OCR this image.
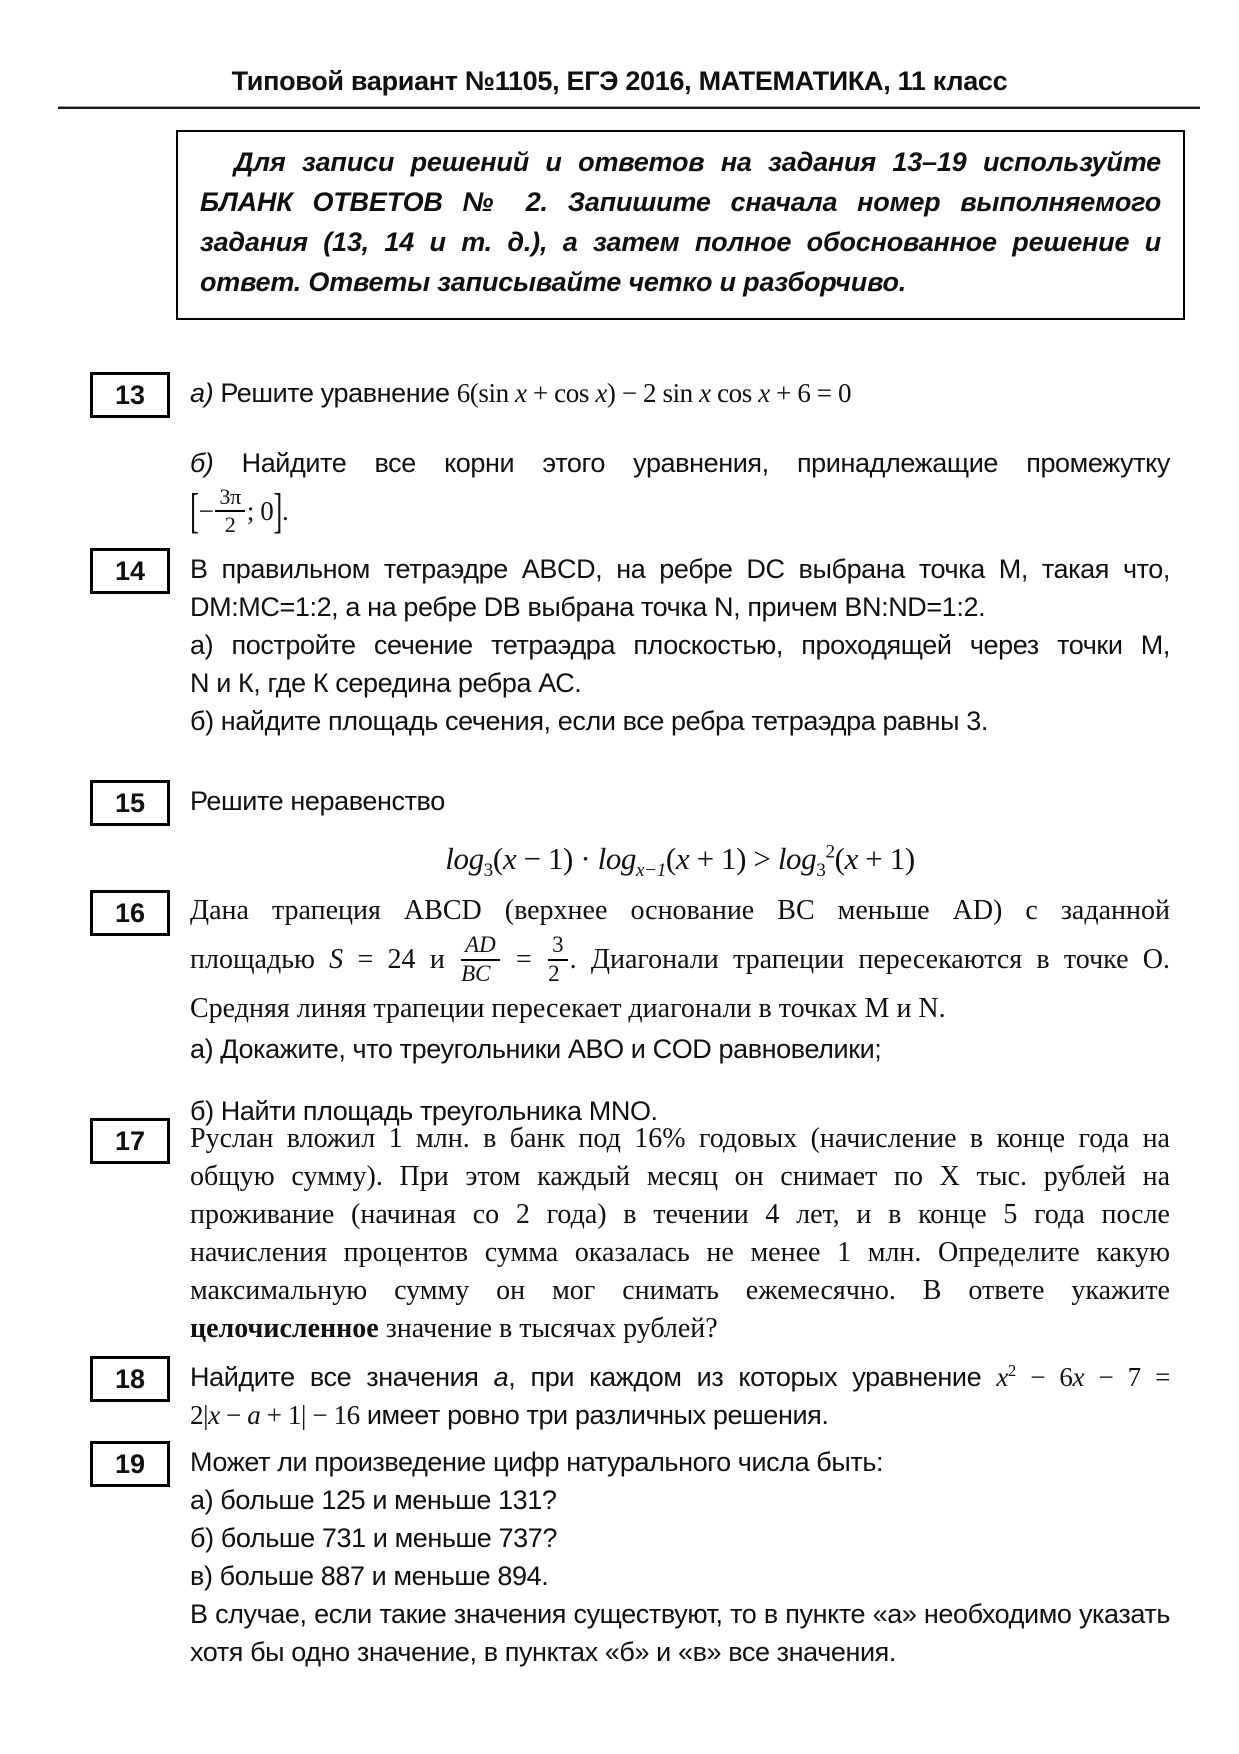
Типовой вариант №1105, ЕГЭ 2016, МАТЕМАТИКА, 11 класс

Для записи решений и ответов на задания 13–19 используйте БЛАНК ОТВЕТОВ № 2. Запишите сначала номер выполняемого задания (13, 14 и т. д.), а затем полное обоснованное решение и ответ. Ответы записывайте четко и разборчиво.

13	а) Решите уравнение 6(sin x + cos x) − 2 sin x cos x + 6 = 0
б) Найдите все корни этого уравнения, принадлежащие промежутку
[− $\frac{3\pi}{2}$ ; 0].
14	В правильном тетраэдре ABCD, на ребре DC выбрана точка М, такая что,
DM:MC=1:2, а на ребре DB выбрана точка N, причем BN:ND=1:2.
а) постройте сечение тетраэдра плоскостью, проходящей через точки М,
N и К, где К середина ребра АС.
б) найдите площадь сечения, если все ребра тетраэдра равны 3.
15	Решите неравенство
$\log_3(x - 1) \cdot \log_{x-1}(x + 1) > \log_3^2(x + 1)$
16	Дана трапеция ABCD (верхнее основание BC меньше AD) с заданной
площадью S = 24 и $\frac{AD}{BC} = \frac{3}{2}$ . Диагонали трапеции пересекаются в точке О.
Средняя линяя трапеции пересекает диагонали в точках M и N.
а) Докажите, что треугольники ABO и COD равновелики;
б) Найти площадь треугольника MNO.
17	Руслан вложил 1 млн. в банк под 16% годовых (начисление в конце года на общую сумму). При этом каждый месяц он снимает по Х тыс. рублей на проживание (начиная со 2 года) в течении 4 лет, и в конце 5 года после начисления процентов сумма оказалась не менее 1 млн. Определите какую максимальную сумму он мог снимать ежемесячно. В ответе укажите целочисленное значение в тысячах рублей?
18	Найдите все значения a, при каждом из которых уравнение $x^2 - 6x - 7$ =
2|x − a + 1| − 16 имеет ровно три различных решения.
19	Может ли произведение цифр натурального числа быть:
а) больше 125 и меньше 131?
б) больше 731 и меньше 737?
в) больше 887 и меньше 894.
В случае, если такие значения существуют, то в пункте «а» необходимо указать хотя бы одно значение, в пунктах «б» и «в» все значения.
